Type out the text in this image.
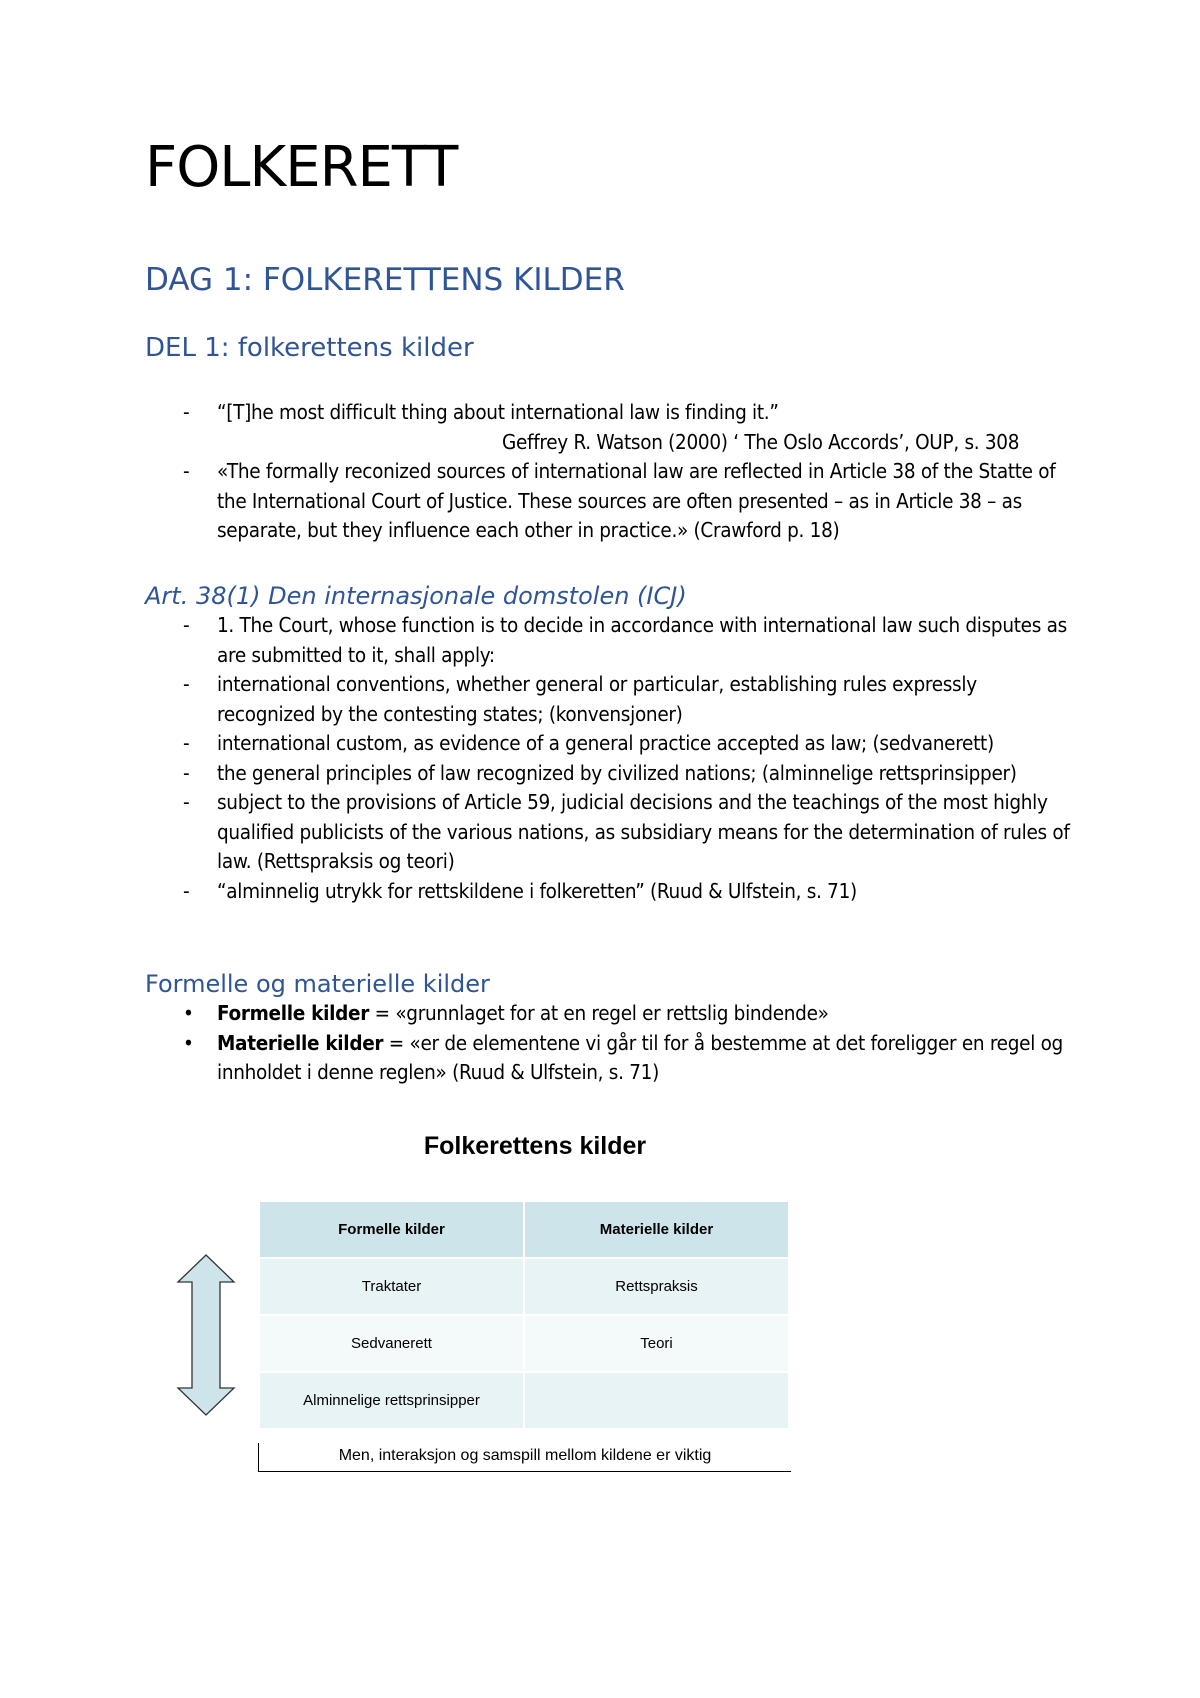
FOLKERETT
DAG 1: FOLKERETTENS KILDER
DEL 1: folkerettens kilder
- “[T]he most difficult thing about international law is finding it.”
Geffrey R. Watson (2000) ‘ The Oslo Accords’, OUP, s. 308
- «The formally reconized sources of international law are reflected in Article 38 of the Statte of the International Court of Justice. These sources are often presented – as in Article 38 – as separate, but they influence each other in practice.» (Crawford p. 18)
Art. 38(1) Den internasjonale domstolen (ICJ)
- 1. The Court, whose function is to decide in accordance with international law such disputes as are submitted to it, shall apply:
- international conventions, whether general or particular, establishing rules expressly recognized by the contesting states; (konvensjoner)
- international custom, as evidence of a general practice accepted as law; (sedvanerett)
- the general principles of law recognized by civilized nations; (alminnelige rettsprinsipper)
- subject to the provisions of Article 59, judicial decisions and the teachings of the most highly qualified publicists of the various nations, as subsidiary means for the determination of rules of law. (Rettspraksis og teori)
- “alminnelig utrykk for rettskildene i folkeretten” (Ruud & Ulfstein, s. 71)
Formelle og materielle kilder
• Formelle kilder = «grunnlaget for at en regel er rettslig bindende»
• Materielle kilder = «er de elementene vi går til for å bestemme at det foreligger en regel og innholdet i denne reglen» (Ruud & Ulfstein, s. 71)
Folkerettens kilder
Formelle kilder	Materielle kilder
Traktater	Rettspraksis
Sedvanerett	Teori
Alminnelige rettsprinsipper	
Men, interaksjon og samspill mellom kildene er viktig
